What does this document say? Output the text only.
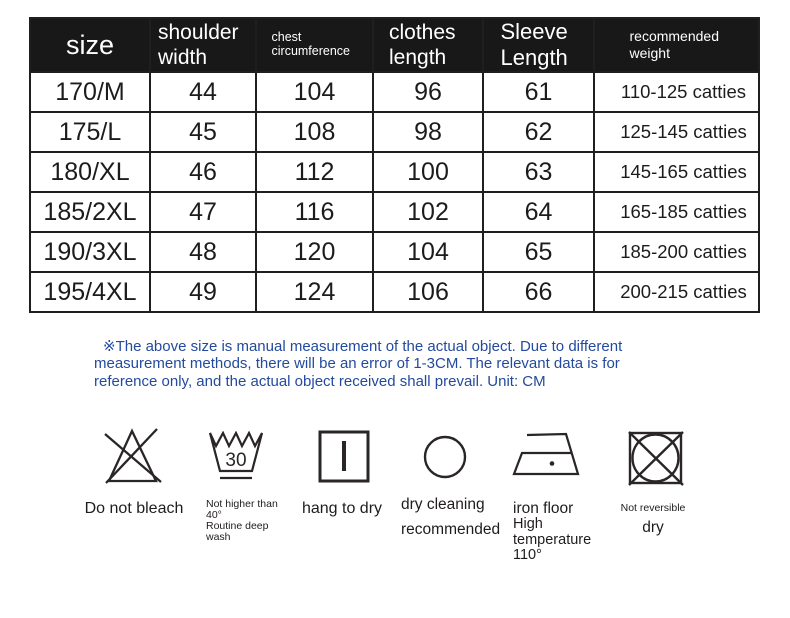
size	shoulder width	chest circumference	clothes length	Sleeve Length	recommended weight
170/M	44	104	96	61	110-125 catties
175/L	45	108	98	62	125-145 catties
180/XL	46	112	100	63	145-165 catties
185/2XL	47	116	102	64	165-185 catties
190/3XL	48	120	104	65	185-200 catties
195/4XL	49	124	106	66	200-215 catties
※The above size is manual measurement of the actual object. Due to different
measurement methods, there will be an error of 1-3CM. The relevant data is for
reference only, and the actual object received shall prevail. Unit: CM
Do not bleach
30
Not higher than 40°
Routine deep wash
hang to dry	dry cleaning
recommended
iron floor
High temperature 110°
Not reversible
dry
